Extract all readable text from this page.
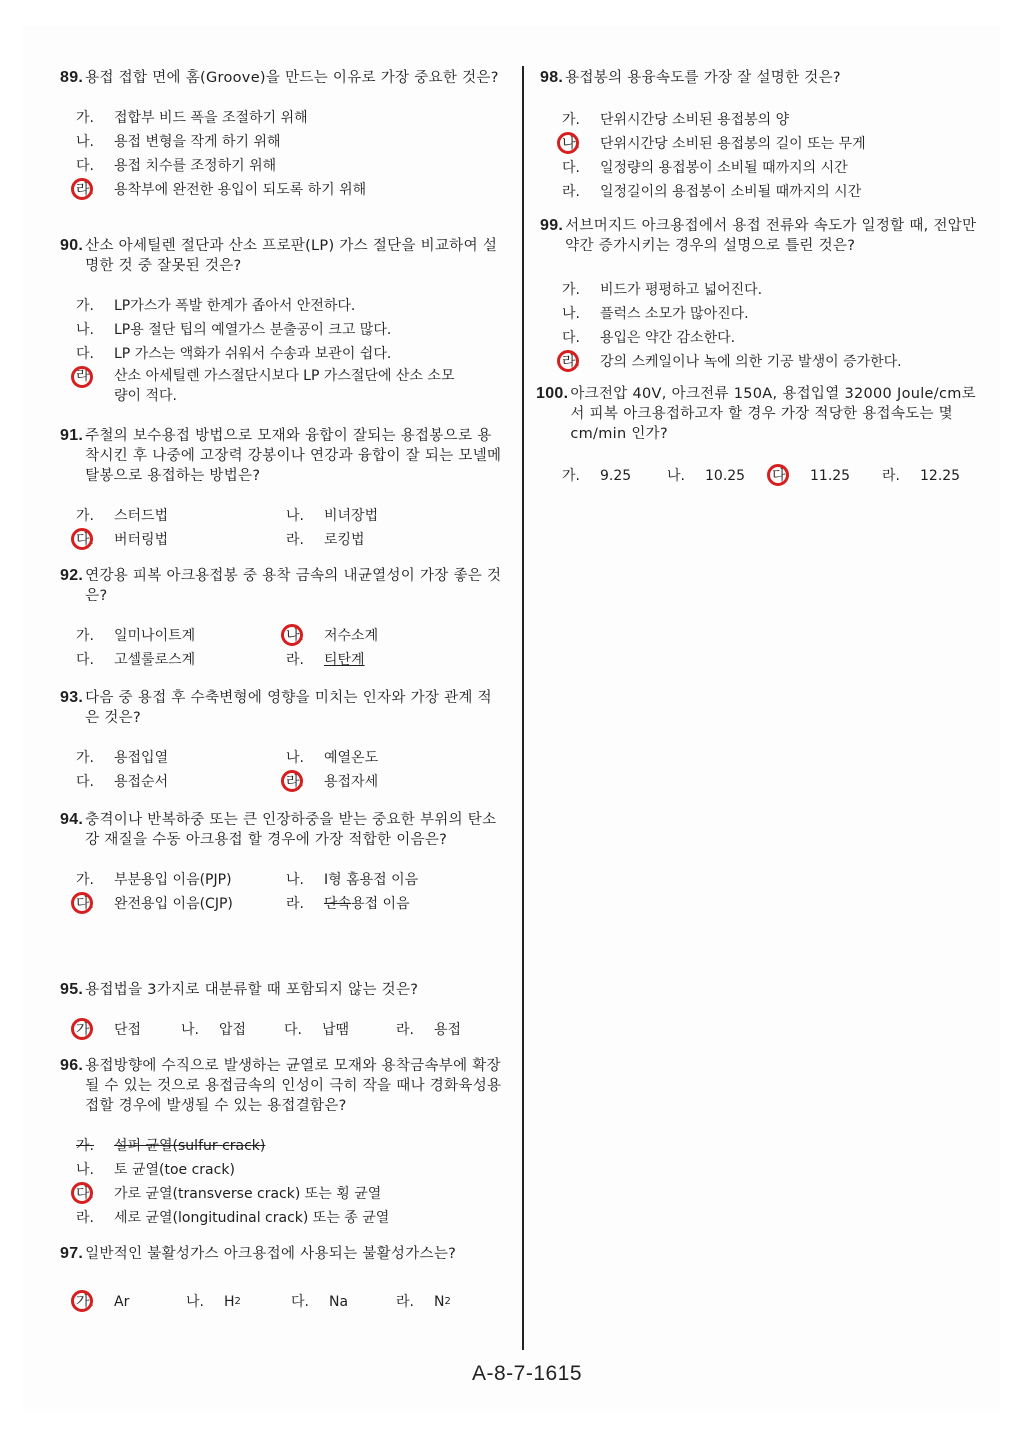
89. 용접 접합 면에 홈(Groove)을 만드는 이유로 가장 중요한 것은?
가.	접합부 비드 폭을 조절하기 위해
나.	용접 변형을 작게 하기 위해
다.	용접 치수를 조정하기 위해
라.	용착부에 완전한 용입이 되도록 하기 위해
90. 산소 아세틸렌 절단과 산소 프로판(LP) 가스 절단을 비교하여 설명한 것 중 잘못된 것은?
가.	LP가스가 폭발 한계가 좁아서 안전하다.
나.	LP용 절단 팁의 예열가스 분출공이 크고 많다.
다.	LP 가스는 액화가 쉬워서 수송과 보관이 쉽다.
라.	산소 아세틸렌 가스절단시보다 LP 가스절단에 산소 소모량이 적다.
91. 주철의 보수용접 방법으로 모재와 융합이 잘되는 용접봉으로 용착시킨 후 나중에 고장력 강봉이나 연강과 융합이 잘 되는 모넬메탈봉으로 용접하는 방법은?
가.	스터드법	나.	비녀장법
다.	버터링법	라.	로킹법
92. 연강용 피복 아크용접봉 중 용착 금속의 내균열성이 가장 좋은 것은?
가.	일미나이트계	나.	저수소계
다.	고셀룰로스계	라.	티탄계
93. 다음 중 용접 후 수축변형에 영향을 미치는 인자와 가장 관계 적은 것은?
가.	용접입열	나.	예열온도
다.	용접순서	라.	용접자세
94. 충격이나 반복하중 또는 큰 인장하중을 받는 중요한 부위의 탄소강 재질을 수동 아크용접 할 경우에 가장 적합한 이음은?
가.	부분용입 이음(PJP)	나.	I형 홈용접 이음
다.	완전용입 이음(CJP)	라.	단속 용접 이음
95. 용접법을 3가지로 대분류할 때 포함되지 않는 것은?
가	단접	나.	압접	다.	납땜	라.	용접
96. 용접방향에 수직으로 발생하는 균열로 모재와 용착금속부에 확장될 수 있는 것으로 용접금속의 인성이 극히 작을 때나 경화육성용접할 경우에 발생될 수 있는 용접결함은?
가.	설퍼 균열(sulfur crack)
나.	토 균열(toe crack)
다.	가로 균열(transverse crack) 또는 횡 균열
라.	세로 균열(longitudinal crack) 또는 종 균열
97. 일반적인 불활성가스 아크용접에 사용되는 불활성가스는?
가.	Ar	나.	H 2	다.	Na	라.	N 2
98. 용접봉의 용융속도를 가장 잘 설명한 것은?
가.	단위시간당 소비된 용접봉의 양
나.	단위시간당 소비된 용접봉의 길이 또는 무게
다.	일정량의 용접봉이 소비될 때까지의 시간
라.	일정길이의 용접봉이 소비될 때까지의 시간
99. 서브머지드 아크용접에서 용접 전류와 속도가 일정할 때, 전압만 약간 증가시키는 경우의 설명으로 틀린 것은?
가.	비드가 평평하고 넓어진다.
나.	플럭스 소모가 많아진다.
다.	용입은 약간 감소한다.
라.	강의 스케일이나 녹에 의한 기공 발생이 증가한다.
100. 아크전압 40V, 아크전류 150A, 용접입열 32000 Joule/cm로서 피복 아크용접하고자 할 경우 가장 적당한 용접속도는 몇 cm/min 인가?
가.	9.25	나.	10.25 다	11.25 라.	12.25
A-8-7-1615
